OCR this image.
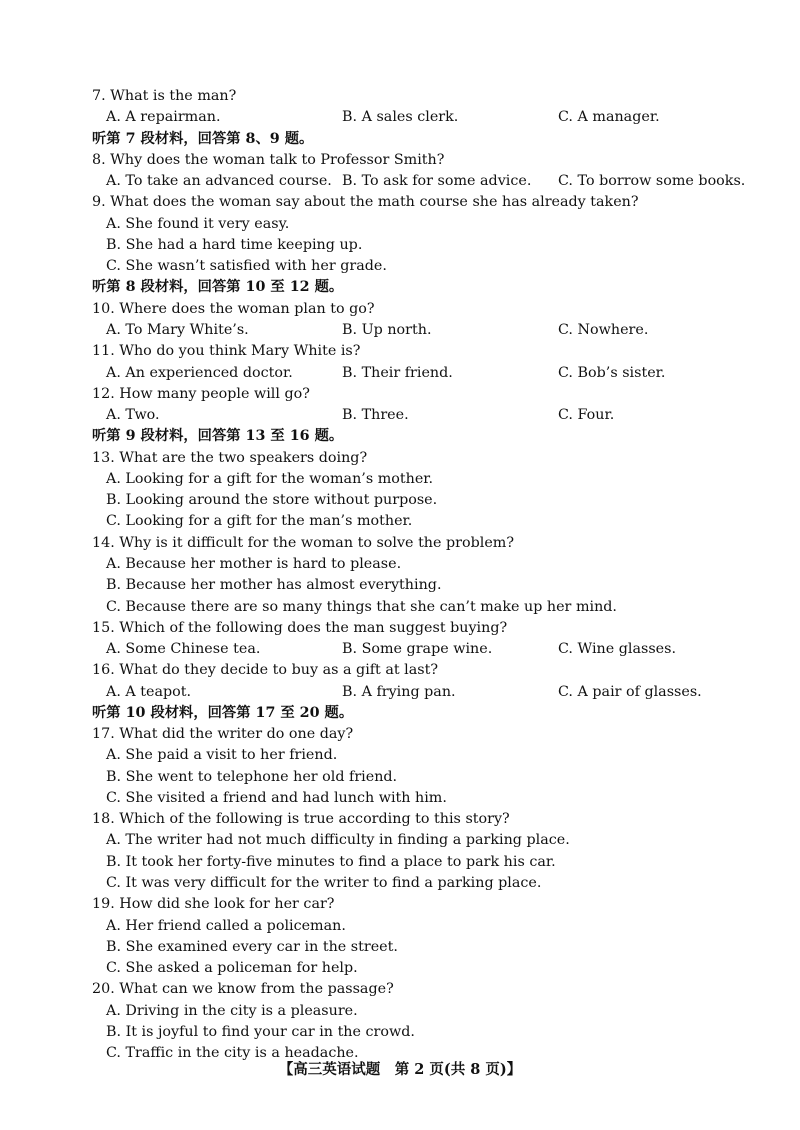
7. What is the man?
A. A repairman.	B. A sales clerk.	C. A manager.
听第 7 段材料，回答第 8、9 题。
8. Why does the woman talk to Professor Smith?
A. To take an advanced course. B. To ask for some advice. C. To borrow some books.
9. What does the woman say about the math course she has already taken?
A. She found it very easy.
B. She had a hard time keeping up.
C. She wasn’t satisfied with her grade.
听第 8 段材料，回答第 10 至 12 题。
10. Where does the woman plan to go?
A. To Mary White’s.	B. Up north.	C. Nowhere.
11. Who do you think Mary White is?
A. An experienced doctor.	B. Their friend.	C. Bob’s sister.
12. How many people will go?
A. Two.	B. Three.	C. Four.
听第 9 段材料，回答第 13 至 16 题。
13. What are the two speakers doing?
A. Looking for a gift for the woman’s mother.
B. Looking around the store without purpose.
C. Looking for a gift for the man’s mother.
14. Why is it difficult for the woman to solve the problem?
A. Because her mother is hard to please.
B. Because her mother has almost everything.
C. Because there are so many things that she can’t make up her mind.
15. Which of the following does the man suggest buying?
A. Some Chinese tea.	B. Some grape wine.	C. Wine glasses.
16. What do they decide to buy as a gift at last?
A. A teapot.	B. A frying pan.	C. A pair of glasses.
听第 10 段材料，回答第 17 至 20 题。
17. What did the writer do one day?
A. She paid a visit to her friend.
B. She went to telephone her old friend.
C. She visited a friend and had lunch with him.
18. Which of the following is true according to this story?
A. The writer had not much difficulty in finding a parking place.
B. It took her forty-five minutes to find a place to park his car.
C. It was very difficult for the writer to find a parking place.
19. How did she look for her car?
A. Her friend called a policeman.
B. She examined every car in the street.
C. She asked a policeman for help.
20. What can we know from the passage?
A. Driving in the city is a pleasure.
B. It is joyful to find your car in the crowd.
C. Traffic in the city is a headache.
【高三英语试题　第 2 页(共 8 页)】
